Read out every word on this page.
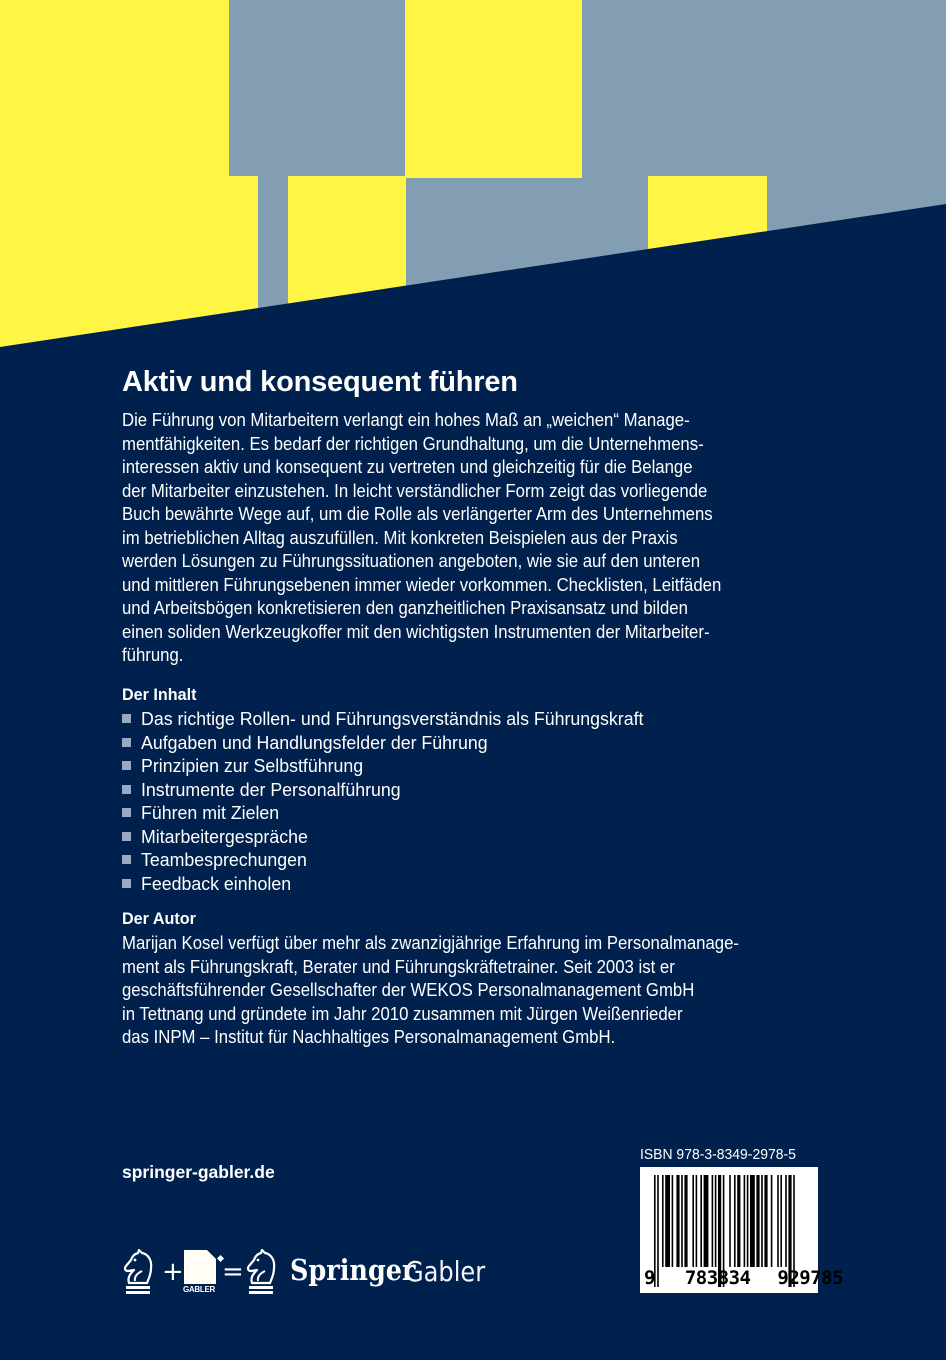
Aktiv und konsequent führen
Die Führung von Mitarbeitern verlangt ein hohes Maß an „weichen“ Manage-
mentfähigkeiten. Es bedarf der richtigen Grundhaltung, um die Unternehmens-
interessen aktiv und konsequent zu vertreten und gleichzeitig für die Belange
der Mitarbeiter einzustehen. In leicht verständlicher Form zeigt das vorliegende
Buch bewährte Wege auf, um die Rolle als verlängerter Arm des Unternehmens
im betrieblichen Alltag auszufüllen. Mit konkreten Beispielen aus der Praxis
werden Lösungen zu Führungssituationen angeboten, wie sie auf den unteren
und mittleren Führungsebenen immer wieder vorkommen. Checklisten, Leitfäden
und Arbeitsbögen konkretisieren den ganzheitlichen Praxisansatz und bilden
einen soliden Werkzeugkoffer mit den wichtigsten Instrumenten der Mitarbeiter-
führung.
Der Inhalt
Das richtige Rollen- und Führungsverständnis als Führungskraft
Aufgaben und Handlungsfelder der Führung
Prinzipien zur Selbstführung
Instrumente der Personalführung
Führen mit Zielen
Mitarbeitergespräche
Teambesprechungen
Feedback einholen
Der Autor
Marijan Kosel verfügt über mehr als zwanzigjährige Erfahrung im Personalmanage-
ment als Führungskraft, Berater und Führungskräftetrainer. Seit 2003 ist er
geschäftsführender Gesellschafter der WEKOS Personalmanagement GmbH
in Tettnang und gründete im Jahr 2010 zusammen mit Jürgen Weißenrieder
das INPM – Institut für Nachhaltiges Personalmanagement GmbH.
springer-gabler.de
ISBN 978-3-8349-2978-5
9 783834 929785
+
GABLER
= Springer
Gabler
